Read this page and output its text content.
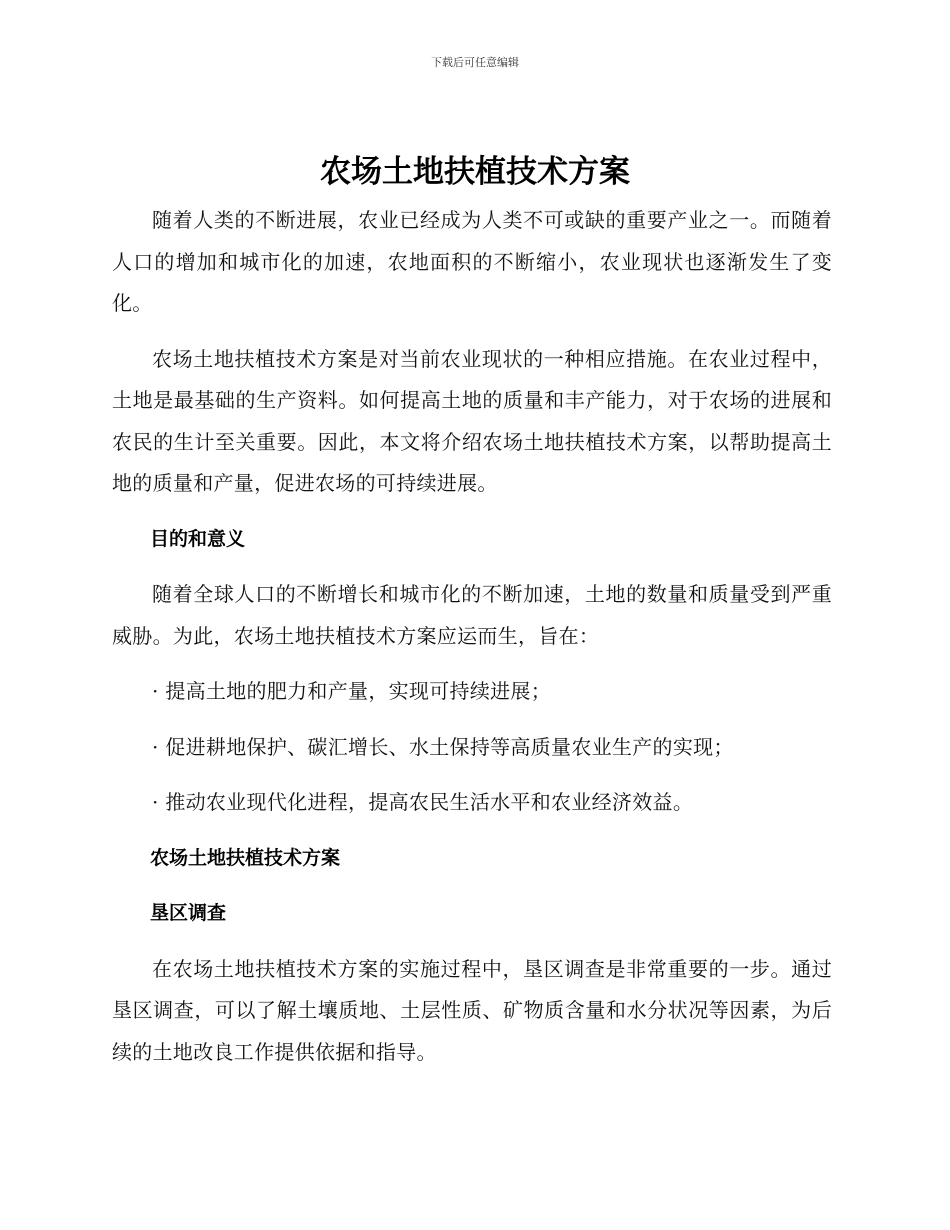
下载后可任意编辑
农场土地扶植技术方案

随着人类的不断进展，农业已经成为人类不可或缺的重要产业之一。而随着人口的增加和城市化的加速，农地面积的不断缩小，农业现状也逐渐发生了变化。

农场土地扶植技术方案是对当前农业现状的一种相应措施。在农业过程中，土地是最基础的生产资料。如何提高土地的质量和丰产能力，对于农场的进展和农民的生计至关重要。因此，本文将介绍农场土地扶植技术方案，以帮助提高土地的质量和产量，促进农场的可持续进展。

目的和意义

随着全球人口的不断增长和城市化的不断加速，土地的数量和质量受到严重威胁。为此，农场土地扶植技术方案应运而生，旨在：

· 提高土地的肥力和产量，实现可持续进展；

· 促进耕地保护、碳汇增长、水土保持等高质量农业生产的实现；

· 推动农业现代化进程，提高农民生活水平和农业经济效益。

农场土地扶植技术方案

垦区调查

在农场土地扶植技术方案的实施过程中，垦区调查是非常重要的一步。通过垦区调查，可以了解土壤质地、土层性质、矿物质含量和水分状况等因素，为后续的土地改良工作提供依据和指导。
